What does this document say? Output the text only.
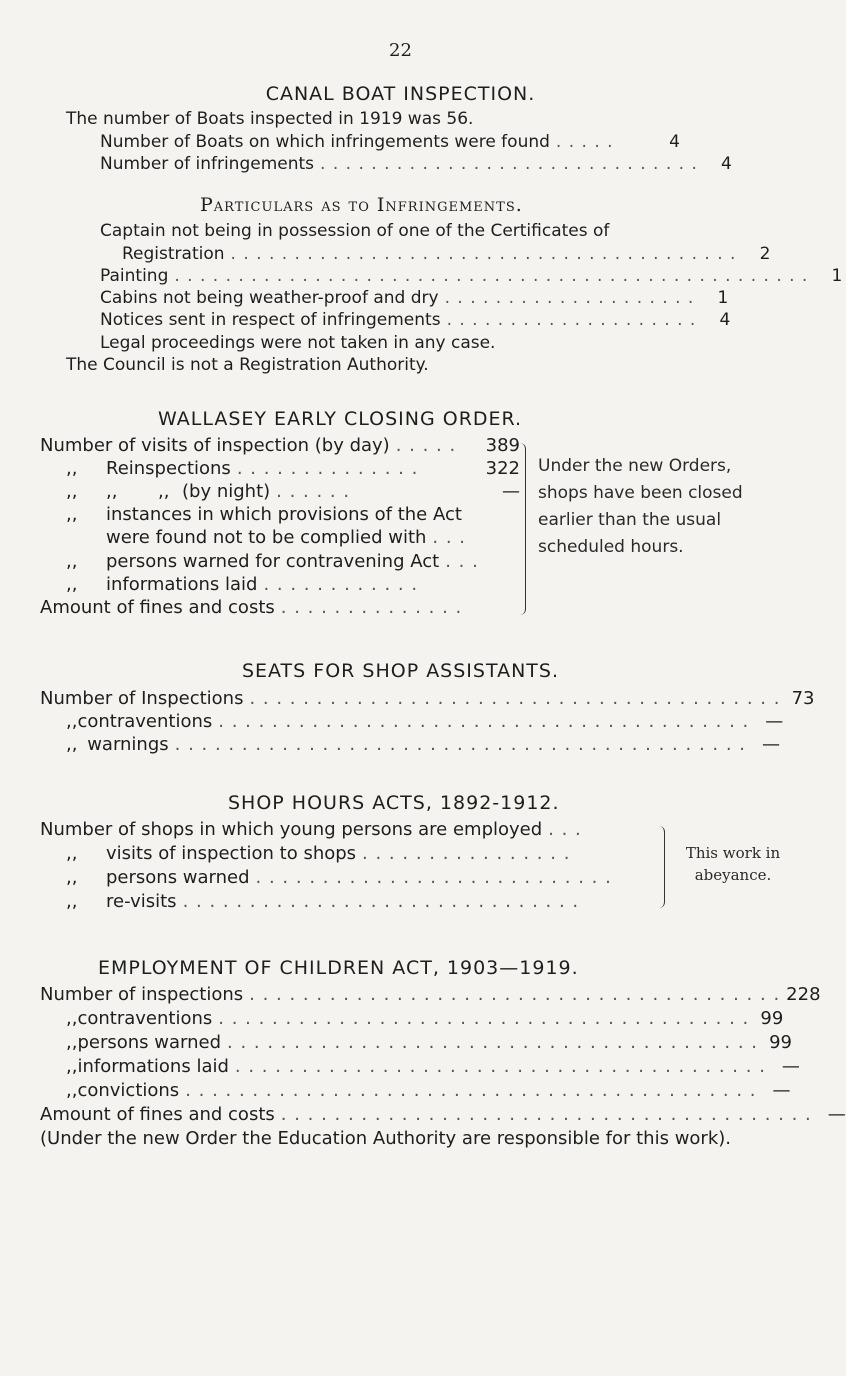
22
CANAL BOAT INSPECTION.
The number of Boats inspected in 1919 was 56.
Number of Boats on which infringements were found . . . . .	4
Number of infringements . . . . . . . . . . . . . . . . . . . . . . . . . . . . . .	4
Particulars as to Infringements.
Captain not being in possession of one of the Certificates of
Registration . . . . . . . . . . . . . . . . . . . . . . . . . . . . . . . . . . . . . . . .	2
Painting . . . . . . . . . . . . . . . . . . . . . . . . . . . . . . . . . . . . . . . . . . . . . . . . . .	1
Cabins not being weather-proof and dry . . . . . . . . . . . . . . . . . . . .	1
Notices sent in respect of infringements . . . . . . . . . . . . . . . . . . . .	4
Legal proceedings were not taken in any case.
The Council is not a Registration Authority.
WALLASEY EARLY CLOSING ORDER.
Number of visits of inspection (by day) . . . . .	389
,,	Reinspections . . . . . . . . . . . . . .	322
,,	,,	,, (by night) . . . . . .	—
,,	instances in which provisions of the Act
were found not to be complied with . . .
,,	persons warned for contravening Act . . .
,,	informations laid . . . . . . . . . . . .
Amount of fines and costs . . . . . . . . . . . . . .
Under the new Orders,
shops have been closed
earlier than the usual
scheduled hours.
SEATS FOR SHOP ASSISTANTS.
Number of Inspections . . . . . . . . . . . . . . . . . . . . . . . . . . . . . . . . . . . . . . . . 73
,, contraventions . . . . . . . . . . . . . . . . . . . . . . . . . . . . . . . . . . . . . . . . —
,, warnings . . . . . . . . . . . . . . . . . . . . . . . . . . . . . . . . . . . . . . . . . . . —
SHOP HOURS ACTS, 1892-1912.
Number of shops in which young persons are employed . . .
,,	visits of inspection to shops . . . . . . . . . . . . . . . .
,,	persons warned . . . . . . . . . . . . . . . . . . . . . . . . . . .
,,	re-visits . . . . . . . . . . . . . . . . . . . . . . . . . . . . . .
This work in
abeyance.
EMPLOYMENT OF CHILDREN ACT, 1903—1919.
Number of inspections . . . . . . . . . . . . . . . . . . . . . . . . . . . . . . . . . . . . . . . . 228
,, contraventions . . . . . . . . . . . . . . . . . . . . . . . . . . . . . . . . . . . . . . . . 99
,, persons warned . . . . . . . . . . . . . . . . . . . . . . . . . . . . . . . . . . . . . . . . 99
,, informations laid . . . . . . . . . . . . . . . . . . . . . . . . . . . . . . . . . . . . . . . . —
,, convictions . . . . . . . . . . . . . . . . . . . . . . . . . . . . . . . . . . . . . . . . . . . —
Amount of fines and costs . . . . . . . . . . . . . . . . . . . . . . . . . . . . . . . . . . . . . . . . —
(Under the new Order the Education Authority are responsible for this work).
